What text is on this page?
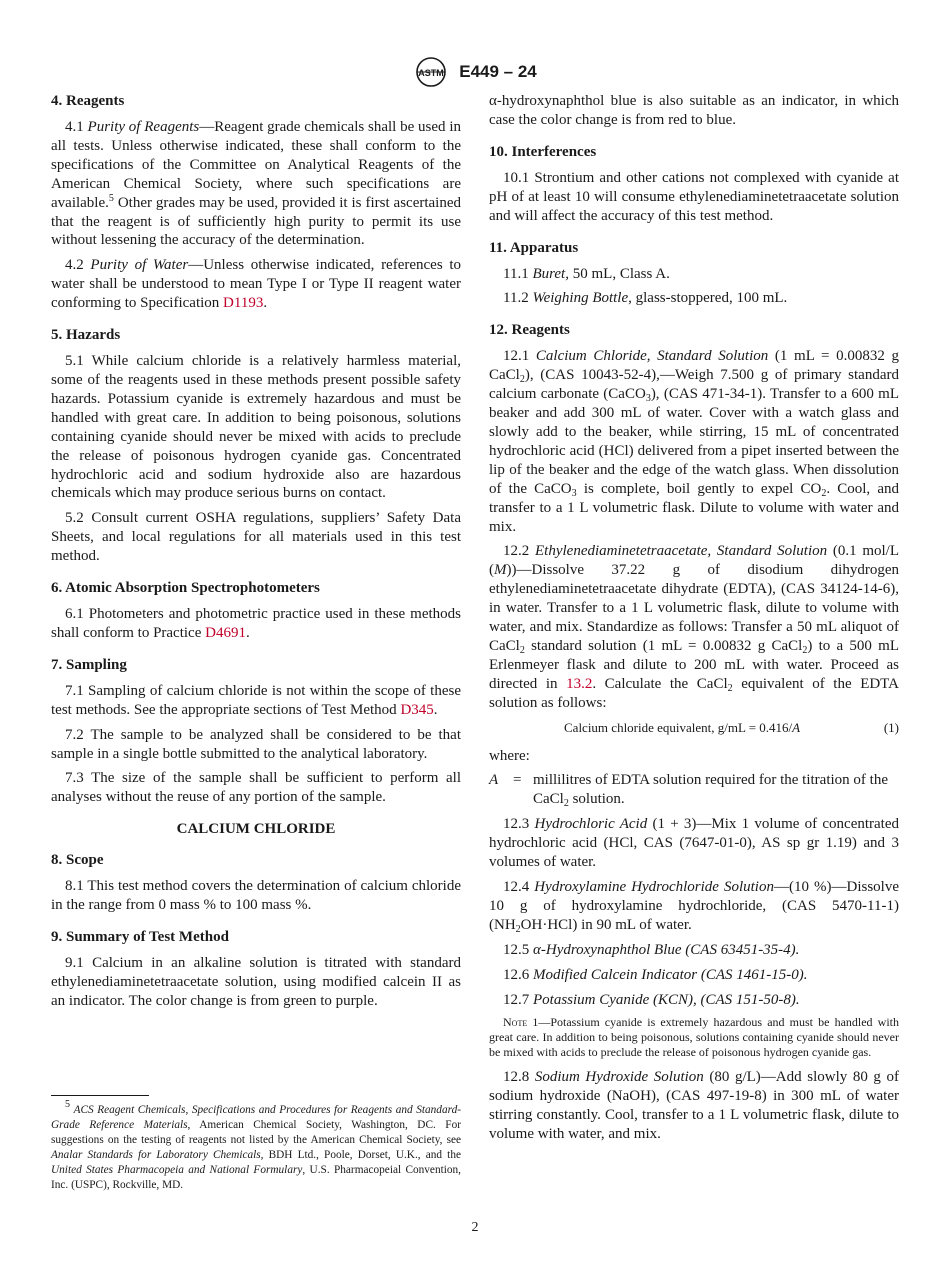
ASTM E449 – 24
4. Reagents

4.1 Purity of Reagents—Reagent grade chemicals shall be used in all tests. Unless otherwise indicated, these shall conform to the specifications of the Committee on Analytical Reagents of the American Chemical Society, where such specifications are available.$^5$ Other grades may be used, provided it is first ascertained that the reagent is of sufficiently high purity to permit its use without lessening the accuracy of the determination.

4.2 Purity of Water—Unless otherwise indicated, references to water shall be understood to mean Type I or Type II reagent water conforming to Specification D1193.

5. Hazards

5.1 While calcium chloride is a relatively harmless material, some of the reagents used in these methods present possible safety hazards. Potassium cyanide is extremely hazardous and must be handled with great care. In addition to being poisonous, solutions containing cyanide should never be mixed with acids to preclude the release of poisonous hydrogen cyanide gas. Concentrated hydrochloric acid and sodium hydroxide also are hazardous chemicals which may produce serious burns on contact.

5.2 Consult current OSHA regulations, suppliers’ Safety Data Sheets, and local regulations for all materials used in this test method.

6. Atomic Absorption Spectrophotometers

6.1 Photometers and photometric practice used in these methods shall conform to Practice D4691.

7. Sampling

7.1 Sampling of calcium chloride is not within the scope of these test methods. See the appropriate sections of Test Method D345.

7.2 The sample to be analyzed shall be considered to be that sample in a single bottle submitted to the analytical laboratory.

7.3 The size of the sample shall be sufficient to perform all analyses without the reuse of any portion of the sample.

CALCIUM CHLORIDE
8. Scope

8.1 This test method covers the determination of calcium chloride in the range from 0 mass % to 100 mass %.

9. Summary of Test Method

9.1 Calcium in an alkaline solution is titrated with standard ethylenediaminetetraacetate solution, using modified calcein II as an indicator. The color change is from green to purple.

$^5$ ACS Reagent Chemicals, Specifications and Procedures for Reagents and Standard-Grade Reference Materials, American Chemical Society, Washington, DC. For suggestions on the testing of reagents not listed by the American Chemical Society, see Analar Standards for Laboratory Chemicals, BDH Ltd., Poole, Dorset, U.K., and the United States Pharmacopeia and National Formulary, U.S. Pharmacopeial Convention, Inc. (USPC), Rockville, MD.

α-hydroxynaphthol blue is also suitable as an indicator, in which case the color change is from red to blue.

10. Interferences

10.1 Strontium and other cations not complexed with cyanide at pH of at least 10 will consume ethylenediaminetetraacetate solution and will affect the accuracy of this test method.

11. Apparatus

11.1 Buret, 50 mL, Class A.

11.2 Weighing Bottle, glass-stoppered, 100 mL.

12. Reagents

12.1 Calcium Chloride, Standard Solution (1 mL = 0.00832 g CaCl$_2$), (CAS 10043-52-4),—Weigh 7.500 g of primary standard calcium carbonate (CaCO$_3$), (CAS 471-34-1). Transfer to a 600 mL beaker and add 300 mL of water. Cover with a watch glass and slowly add to the beaker, while stirring, 15 mL of concentrated hydrochloric acid (HCl) delivered from a pipet inserted between the lip of the beaker and the edge of the watch glass. When dissolution of the CaCO$_3$ is complete, boil gently to expel $CO_2$. Cool, and transfer to a 1 L volumetric flask. Dilute to volume with water and mix.

12.2 Ethylenediaminetetraacetate, Standard Solution (0.1 mol/L (M))—Dissolve 37.22 g of disodium dihydrogen ethylenediaminetetraacetate dihydrate (EDTA), (CAS 34124-14-6), in water. Transfer to a 1 L volumetric flask, dilute to volume with water, and mix. Standardize as follows: Transfer a 50 mL aliquot of CaCl$_2$ standard solution (1 mL = 0.00832 g CaCl$_2$) to a 500 mL Erlenmeyer flask and dilute to 200 mL with water. Proceed as directed in 13.2. Calculate the CaCl$_2$ equivalent of the EDTA solution as follows:

Calcium chloride equivalent, g/mL = 0.416/A	(1)

where:

A = millilitres of EDTA solution required for the titration of the CaCl$_2$ solution.

12.3 Hydrochloric Acid (1 + 3)—Mix 1 volume of concentrated hydrochloric acid (HCl, CAS (7647-01-0), AS sp gr 1.19) and 3 volumes of water.

12.4 Hydroxylamine Hydrochloride Solution—(10 %)—Dissolve 10 g of hydroxylamine hydrochloride, (CAS 5470-11-1) $(NH_2OH\cdot HCl)$ in 90 mL of water.

12.5 α-Hydroxynaphthol Blue (CAS 63451-35-4).

12.6 Modified Calcein Indicator (CAS 1461-15-0).

12.7 Potassium Cyanide (KCN), (CAS 151-50-8).

Note 1—Potassium cyanide is extremely hazardous and must be handled with great care. In addition to being poisonous, solutions containing cyanide should never be mixed with acids to preclude the release of poisonous hydrogen cyanide gas.

12.8 Sodium Hydroxide Solution (80 g/L)—Add slowly 80 g of sodium hydroxide (NaOH), (CAS 497-19-8) in 300 mL of water stirring constantly. Cool, transfer to a 1 L volumetric flask, dilute to volume with water, and mix.

2
